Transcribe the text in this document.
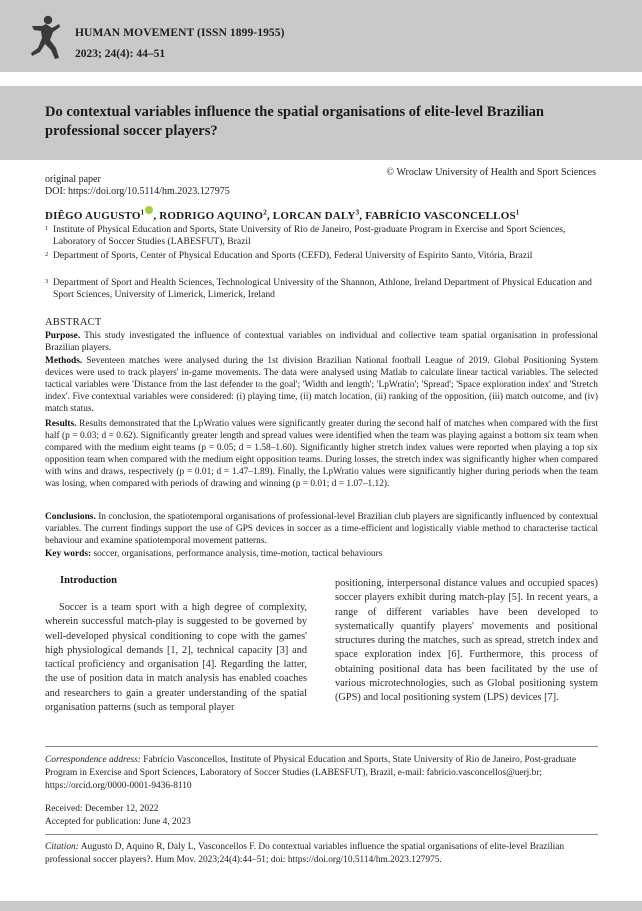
HUMAN MOVEMENT (ISSN 1899-1955)
2023; 24(4): 44–51
Do contextual variables influence the spatial organisations of elite-level Brazilian professional soccer players?
© Wroclaw University of Health and Sport Sciences
original paper
DOI: https://doi.org/10.5114/hm.2023.127975
DIÊGO AUGUSTO$^1$ , RODRIGO AQUINO$^2$, LORCAN DALY$^3$, FABRÍCIO VASCONCELLOS$^1$
1 Institute of Physical Education and Sports, State University of Rio de Janeiro, Post-graduate Program in Exercise and Sport Sciences, Laboratory of Soccer Studies (LABESFUT), Brazil
2 Department of Sports, Center of Physical Education and Sports (CEFD), Federal University of Espírito Santo, Vitória, Brazil
3 Department of Sport and Health Sciences, Technological University of the Shannon, Athlone, Ireland Department of Physical Education and Sport Sciences, University of Limerick, Limerick, Ireland
ABSTRACT
Purpose. This study investigated the influence of contextual variables on individual and collective team spatial organisation in professional Brazilian players.
Methods. Seventeen matches were analysed during the 1st division Brazilian National football League of 2019. Global Positioning System devices were used to track players' in-game movements. The data were analysed using Matlab to calculate linear tactical variables. The selected tactical variables were 'Distance from the last defender to the goal'; 'Width and length'; 'LpWratio'; 'Spread'; 'Space exploration index' and 'Stretch index'. Five contextual variables were considered: (i) playing time, (ii) match location, (ii) ranking of the opposition, (iii) match outcome, and (iv) match status.
Results. Results demonstrated that the LpWratio values were significantly greater during the second half of matches when compared with the first half (p = 0.03; d = 0.62). Significantly greater length and spread values were identified when the team was playing against a bottom six team when compared with the medium eight teams (p = 0.05; d = 1.58–1.60). Significantly higher stretch index values were reported when playing a top six opposition team when compared with the medium eight opposition teams. During losses, the stretch index was significantly higher when compared with wins and draws, respectively (p = 0.01; d = 1.47–1.89). Finally, the LpWratio values were significantly higher during periods when the team was losing, when compared with periods of drawing and winning (p = 0.01; d = 1.07–1.12).
Conclusions. In conclusion, the spatiotemporal organisations of professional-level Brazilian club players are significantly influenced by contextual variables. The current findings support the use of GPS devices in soccer as a time-efficient and logistically viable method to characterise tactical behaviour and examine spatiotemporal movement patterns.
Key words: soccer, organisations, performance analysis, time-motion, tactical behaviours
Introduction
Soccer is a team sport with a high degree of complexity, wherein successful match-play is suggested to be governed by well-developed physical conditioning to cope with the games' high physiological demands [1, 2], technical capacity [3] and tactical proficiency and organisation [4]. Regarding the latter, the use of position data in match analysis has enabled coaches and researchers to gain a greater understanding of the spatial organisation patterns (such as temporal player
positioning, interpersonal distance values and occupied spaces) soccer players exhibit during match-play [5]. In recent years, a range of different variables have been developed to systematically quantify players' movements and positional structures during the matches, such as spread, stretch index and space exploration index [6]. Furthermore, this process of obtaining positional data has been facilitated by the use of various microtechnologies, such as Global positioning system (GPS) and local positioning system (LPS) devices [7].
Correspondence address: Fabrício Vasconcellos, Institute of Physical Education and Sports, State University of Rio de Janeiro, Post-graduate Program in Exercise and Sport Sciences, Laboratory of Soccer Studies (LABESFUT), Brazil, e-mail: fabricio.vasconcellos@uerj.br; https://orcid.org/0000-0001-9436-8110
Received: December 12, 2022
Accepted for publication: June 4, 2023
Citation: Augusto D, Aquino R, Daly L, Vasconcellos F. Do contextual variables influence the spatial organisations of elite-level Brazilian professional soccer players?. Hum Mov. 2023;24(4):44–51; doi: https://doi.org/10.5114/hm.2023.127975.
